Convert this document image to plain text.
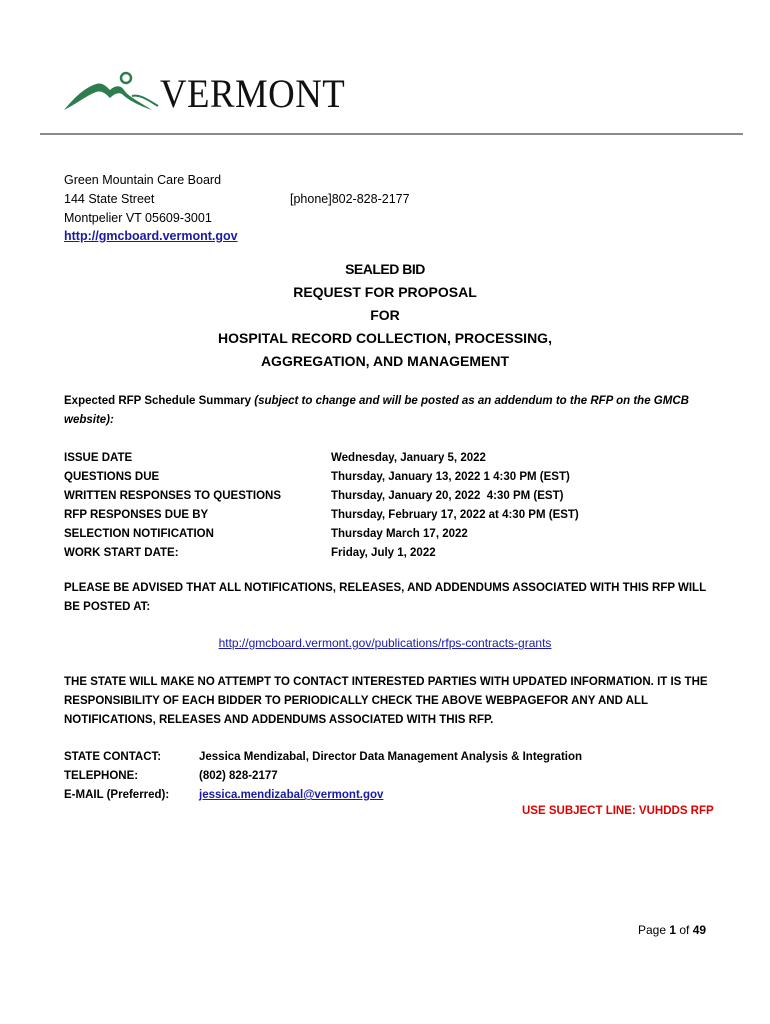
VERMONT
Green Mountain Care Board
144 State Street
Montpelier VT 05609-3001
http://gmcboard.vermont.gov
[phone]802-828-2177
SEALED BID
REQUEST FOR PROPOSAL
FOR
HOSPITAL RECORD COLLECTION, PROCESSING,
AGGREGATION, AND MANAGEMENT
Expected RFP Schedule Summary (subject to change and will be posted as an addendum to the RFP on the GMCB website):
ISSUE DATE
QUESTIONS DUE
WRITTEN RESPONSES TO QUESTIONS
RFP RESPONSES DUE BY
SELECTION NOTIFICATION
WORK START DATE:
Wednesday, January 5, 2022
Thursday, January 13, 2022 1 4:30 PM (EST)
Thursday, January 20, 2022  4:30 PM (EST)
Thursday, February 17, 2022 at 4:30 PM (EST)
Thursday March 17, 2022
Friday, July 1, 2022
PLEASE BE ADVISED THAT ALL NOTIFICATIONS, RELEASES, AND ADDENDUMS ASSOCIATED WITH THIS RFP WILL BE POSTED AT:
http://gmcboard.vermont.gov/publications/rfps-contracts-grants
THE STATE WILL MAKE NO ATTEMPT TO CONTACT INTERESTED PARTIES WITH UPDATED INFORMATION. IT IS THE RESPONSIBILITY OF EACH BIDDER TO PERIODICALLY CHECK THE ABOVE WEBPAGEFOR ANY AND ALL NOTIFICATIONS, RELEASES AND ADDENDUMS ASSOCIATED WITH THIS RFP.
STATE CONTACT:
TELEPHONE:
E-MAIL (Preferred):
Jessica Mendizabal, Director Data Management Analysis & Integration
(802) 828-2177
jessica.mendizabal@vermont.gov
USE SUBJECT LINE: VUHDDS RFP
Page 1 of 49
